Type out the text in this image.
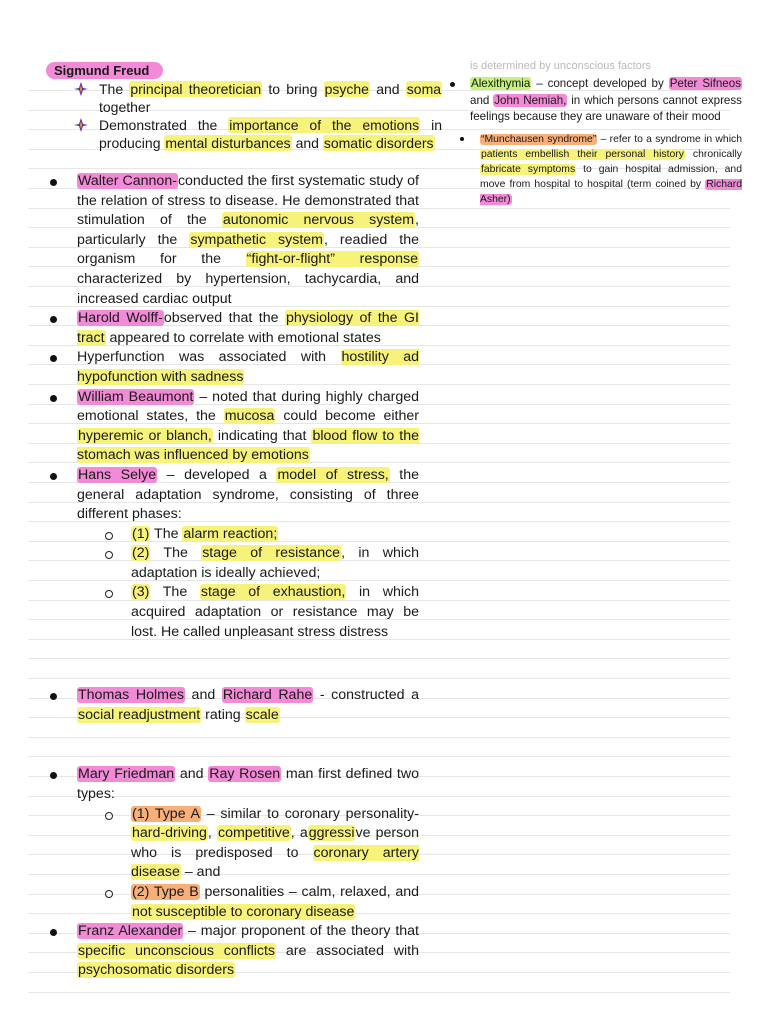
Sigmund Freud
The principal theoretician to bring psyche and soma together
Demonstrated the importance of the emotions in producing mental disturbances and somatic disorders
Walter Cannon-conducted the first systematic study of the relation of stress to disease. He demonstrated that stimulation of the autonomic nervous system, particularly the sympathetic system, readied the organism for the “fight-or-flight” response characterized by hypertension, tachycardia, and increased cardiac output
Harold Wolff-observed that the physiology of the GI tract appeared to correlate with emotional states
Hyperfunction was associated with hostility ad hypofunction with sadness
William Beaumont – noted that during highly charged emotional states, the mucosa could become either hyperemic or blanch, indicating that blood flow to the stomach was influenced by emotions
Hans Selye – developed a model of stress, the general adaptation syndrome, consisting of three different phases:
(1) The alarm reaction;
(2) The stage of resistance, in which adaptation is ideally achieved;
(3) The stage of exhaustion, in which acquired adaptation or resistance may be lost. He called unpleasant stress distress
Thomas Holmes and Richard Rahe - constructed a social readjustment rating scale
Mary Friedman and Ray Rosen man first defined two types:
(1) Type A – similar to coronary personality- hard-driving, competitive, aggressive person who is predisposed to coronary artery disease – and
(2) Type B personalities – calm, relaxed, and not susceptible to coronary disease
Franz Alexander – major proponent of the theory that specific unconscious conflicts are associated with psychosomatic disorders
is determined by unconscious factors
Alexithymia – concept developed by Peter Sifneos and John Nemiah, in which persons cannot express feelings because they are unaware of their mood
“Munchausen syndrome” – refer to a syndrome in which patients embellish their personal history chronically fabricate symptoms to gain hospital admission, and move from hospital to hospital (term coined by Richard Asher)
